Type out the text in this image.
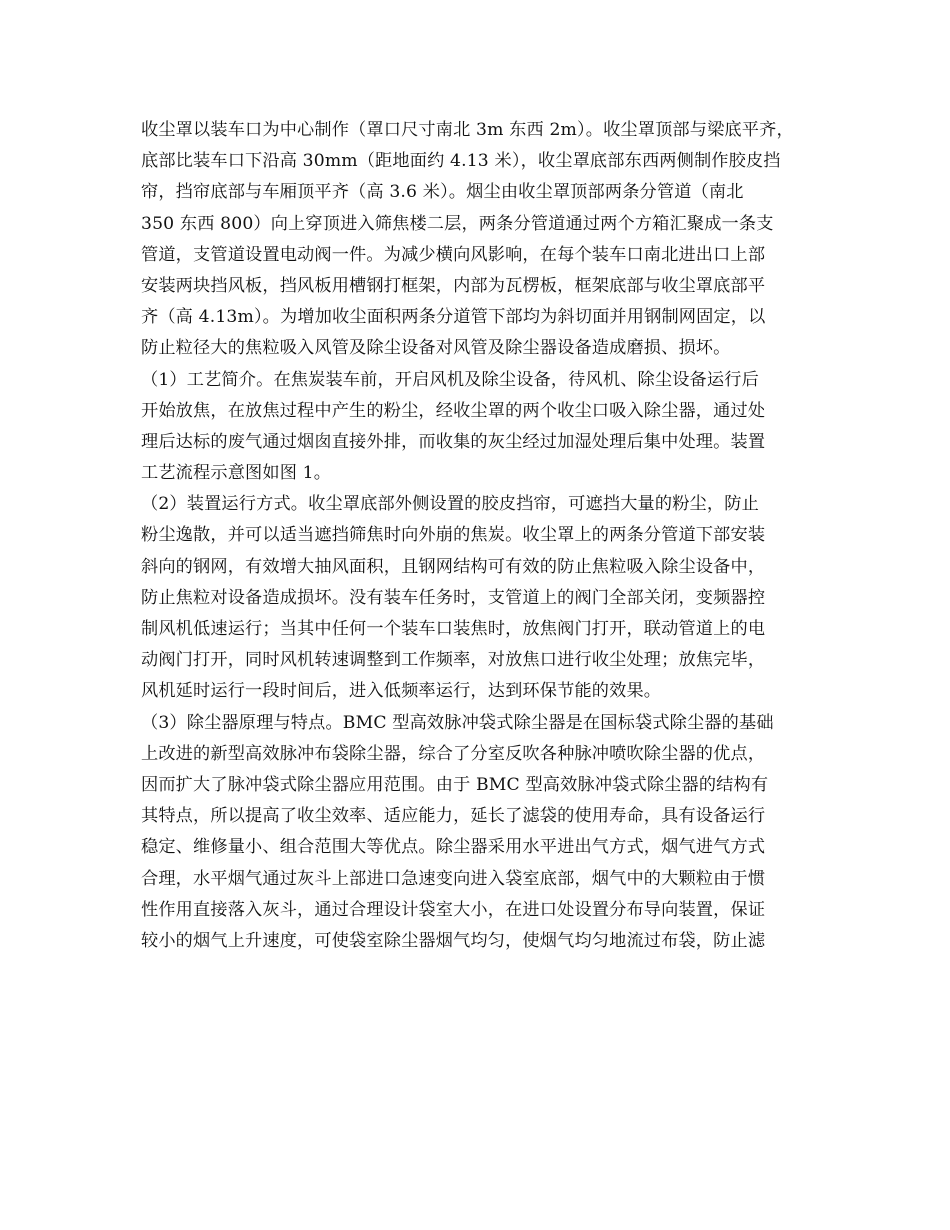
收尘罩以装车口为中心制作（罩口尺寸南北 3m 东西 2m）。收尘罩顶部与梁底平齐，
底部比装车口下沿高 30mm（距地面约 4.13 米），收尘罩底部东西两侧制作胶皮挡
帘，挡帘底部与车厢顶平齐（高 3.6 米）。烟尘由收尘罩顶部两条分管道（南北
350 东西 800）向上穿顶进入筛焦楼二层，两条分管道通过两个方箱汇聚成一条支
管道，支管道设置电动阀一件。为减少横向风影响，在每个装车口南北进出口上部
安装两块挡风板，挡风板用槽钢打框架，内部为瓦楞板，框架底部与收尘罩底部平
齐（高 4.13m）。为增加收尘面积两条分道管下部均为斜切面并用钢制网固定，以
防止粒径大的焦粒吸入风管及除尘设备对风管及除尘器设备造成磨损、损坏。
（1）工艺简介。在焦炭装车前，开启风机及除尘设备，待风机、除尘设备运行后
开始放焦，在放焦过程中产生的粉尘，经收尘罩的两个收尘口吸入除尘器，通过处
理后达标的废气通过烟囱直接外排，而收集的灰尘经过加湿处理后集中处理。装置
工艺流程示意图如图 1。
（2）装置运行方式。收尘罩底部外侧设置的胶皮挡帘，可遮挡大量的粉尘，防止
粉尘逸散，并可以适当遮挡筛焦时向外崩的焦炭。收尘罩上的两条分管道下部安装
斜向的钢网，有效增大抽风面积，且钢网结构可有效的防止焦粒吸入除尘设备中，
防止焦粒对设备造成损坏。没有装车任务时，支管道上的阀门全部关闭，变频器控
制风机低速运行；当其中任何一个装车口装焦时，放焦阀门打开，联动管道上的电
动阀门打开，同时风机转速调整到工作频率，对放焦口进行收尘处理；放焦完毕，
风机延时运行一段时间后，进入低频率运行，达到环保节能的效果。
（3）除尘器原理与特点。BMC 型高效脉冲袋式除尘器是在国标袋式除尘器的基础
上改进的新型高效脉冲布袋除尘器，综合了分室反吹各种脉冲喷吹除尘器的优点，
因而扩大了脉冲袋式除尘器应用范围。由于 BMC 型高效脉冲袋式除尘器的结构有
其特点，所以提高了收尘效率、适应能力，延长了滤袋的使用寿命，具有设备运行
稳定、维修量小、组合范围大等优点。除尘器采用水平进出气方式，烟气进气方式
合理，水平烟气通过灰斗上部进口急速变向进入袋室底部，烟气中的大颗粒由于惯
性作用直接落入灰斗，通过合理设计袋室大小，在进口处设置分布导向装置，保证
较小的烟气上升速度，可使袋室除尘器烟气均匀，使烟气均匀地流过布袋，防止滤
